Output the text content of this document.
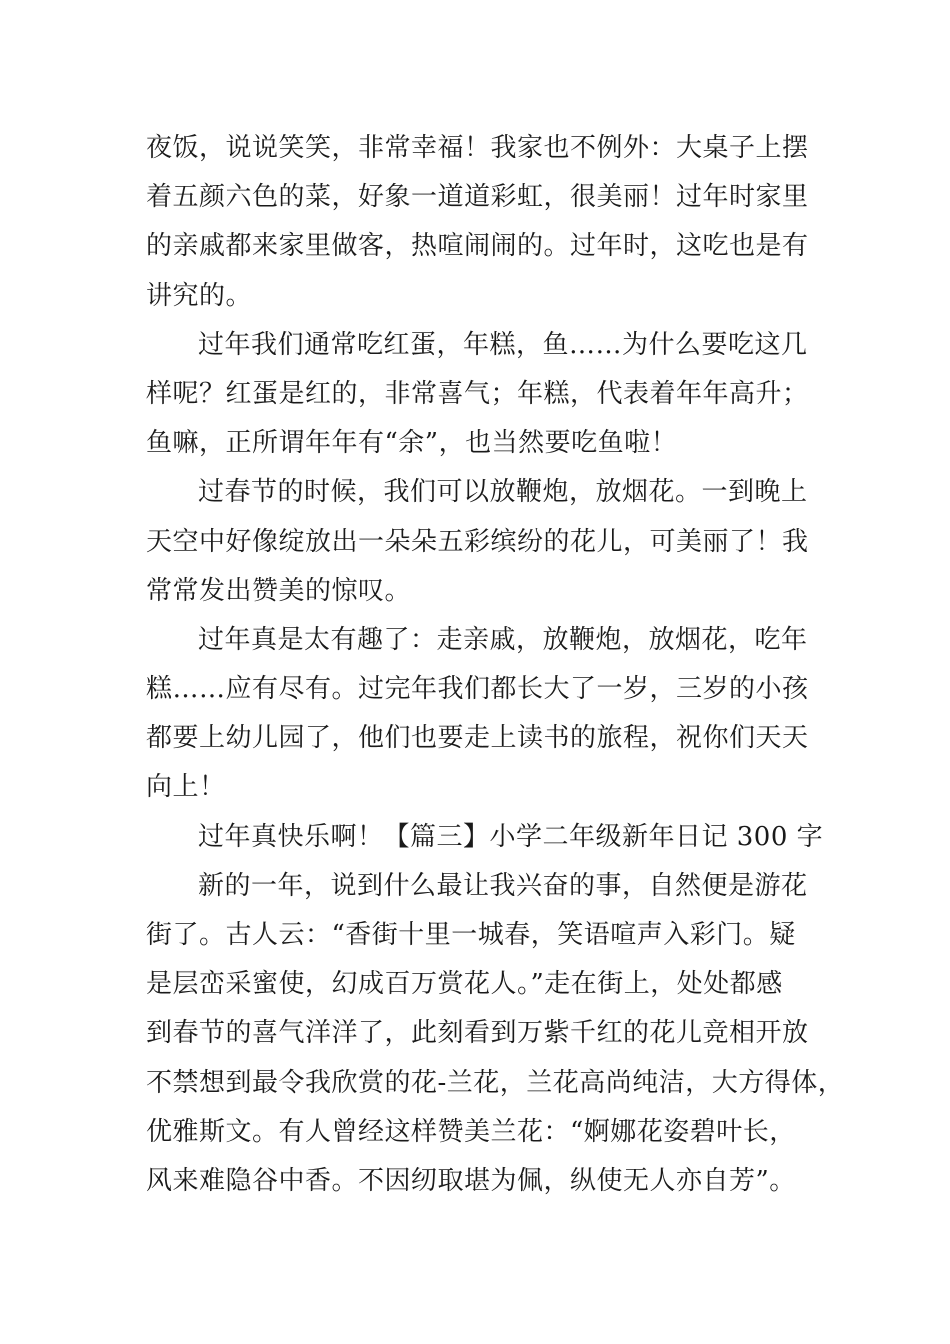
夜饭，说说笑笑，非常幸福！我家也不例外：大桌子上摆
着五颜六色的菜，好象一道道彩虹，很美丽！过年时家里
的亲戚都来家里做客，热喧闹闹的。过年时，这吃也是有
讲究的。
过年我们通常吃红蛋，年糕，鱼……为什么要吃这几
样呢？红蛋是红的，非常喜气；年糕，代表着年年高升；
鱼嘛，正所谓年年有“余”，也当然要吃鱼啦！
过春节的时候，我们可以放鞭炮，放烟花。一到晚上
天空中好像绽放出一朵朵五彩缤纷的花儿，可美丽了！我
常常发出赞美的惊叹。
过年真是太有趣了：走亲戚，放鞭炮，放烟花，吃年
糕……应有尽有。过完年我们都长大了一岁，三岁的小孩
都要上幼儿园了，他们也要走上读书的旅程，祝你们天天
向上！
过年真快乐啊！【篇三】小学二年级新年日记 300 字
新的一年，说到什么最让我兴奋的事，自然便是游花
街了。古人云：“香街十里一城春，笑语喧声入彩门。疑
是层峦采蜜使，幻成百万赏花人。”走在街上，处处都感
到春节的喜气洋洋了，此刻看到万紫千红的花儿竞相开放
不禁想到最令我欣赏的花-兰花，兰花高尚纯洁，大方得体，
优雅斯文。有人曾经这样赞美兰花：“婀娜花姿碧叶长，
风来难隐谷中香。不因纫取堪为佩，纵使无人亦自芳”。
